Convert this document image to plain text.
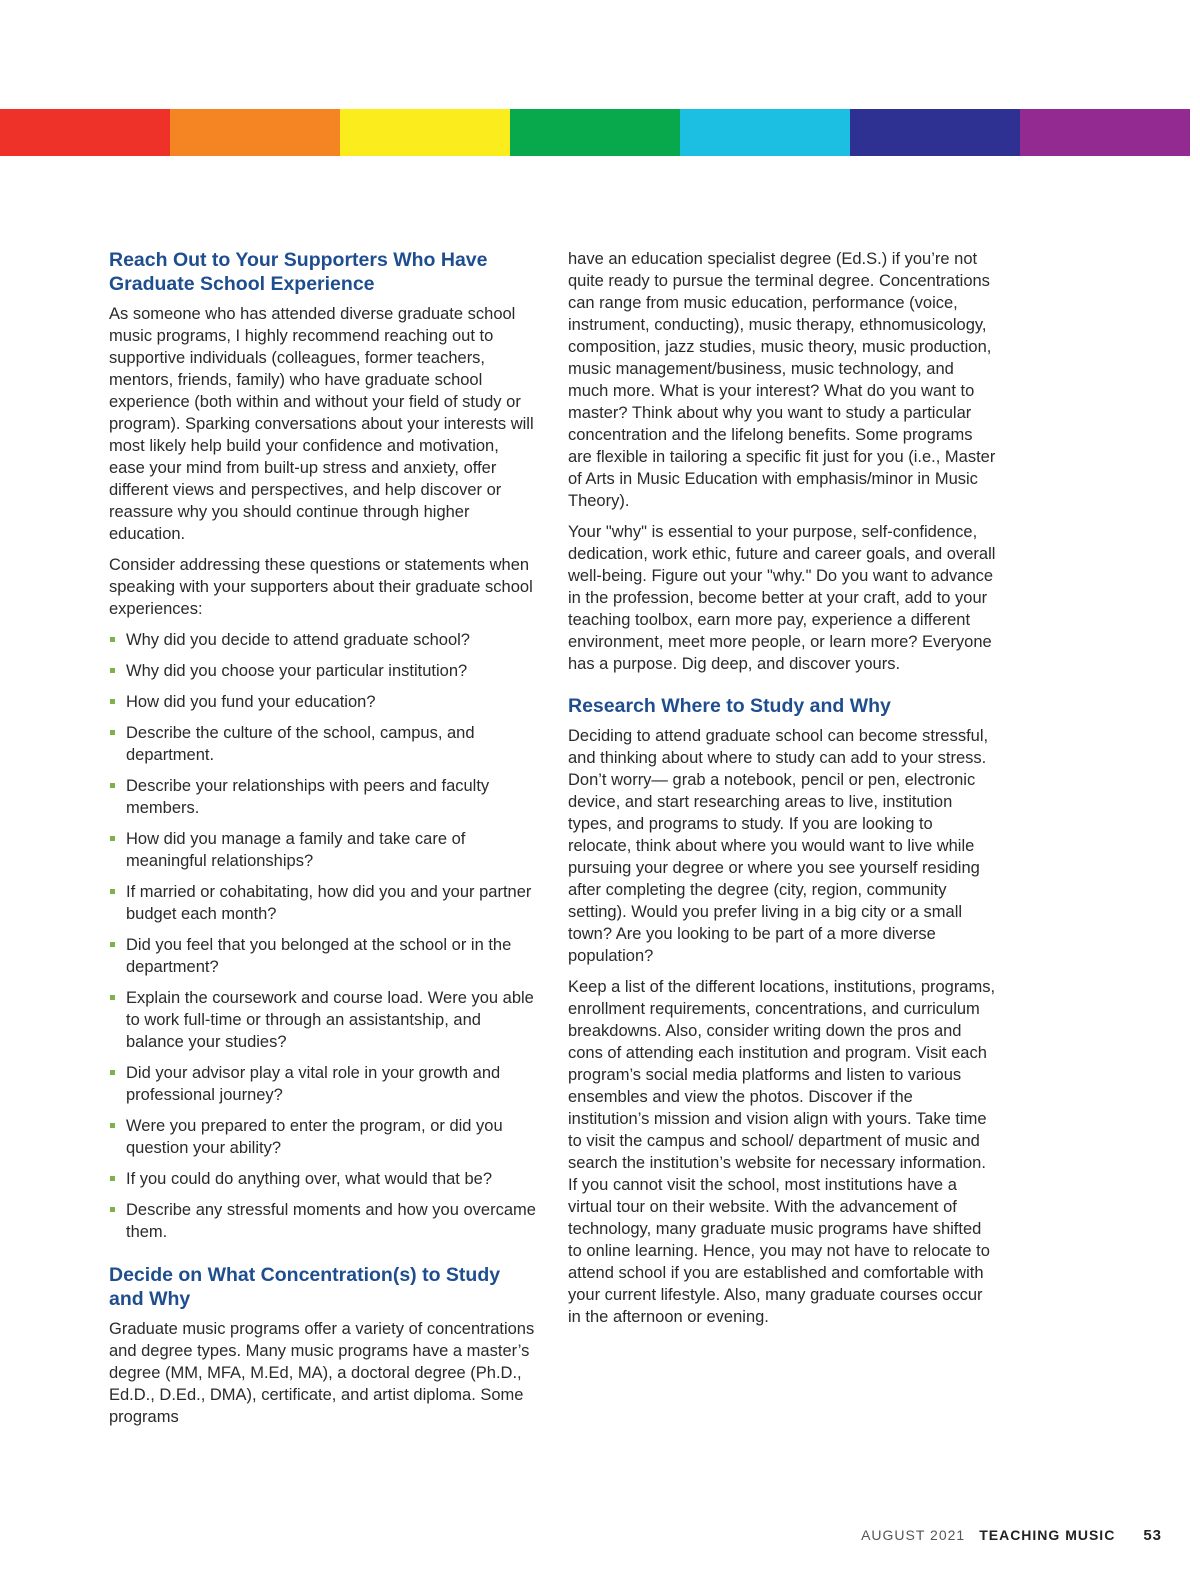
Reach Out to Your Supporters Who Have Graduate School Experience

As someone who has attended diverse graduate school music programs, I highly recommend reaching out to supportive individuals (colleagues, former teachers, mentors, friends, family) who have graduate school experience (both within and without your field of study or program). Sparking conversations about your interests will most likely help build your confidence and motivation, ease your mind from built-up stress and anxiety, offer different views and perspectives, and help discover or reassure why you should continue through higher education.

Consider addressing these questions or statements when speaking with your supporters about their graduate school experiences:

Why did you decide to attend graduate school?
Why did you choose your particular institution?
How did you fund your education?
Describe the culture of the school, campus, and department.
Describe your relationships with peers and faculty members.
How did you manage a family and take care of meaningful relationships?
If married or cohabitating, how did you and your partner budget each month?
Did you feel that you belonged at the school or in the department?
Explain the coursework and course load. Were you able to work full-time or through an assistantship, and balance your studies?
Did your advisor play a vital role in your growth and professional journey?
Were you prepared to enter the program, or did you question your ability?
If you could do anything over, what would that be?
Describe any stressful moments and how you overcame them.
Decide on What Concentration(s) to Study and Why

Graduate music programs offer a variety of concentrations and degree types. Many music programs have a master’s degree (MM, MFA, M.Ed, MA), a doctoral degree (Ph.D., Ed.D., D.Ed., DMA), certificate, and artist diploma. Some programs

have an education specialist degree (Ed.S.) if you’re not quite ready to pursue the terminal degree. Concentrations can range from music education, performance (voice, instrument, conducting), music therapy, ethnomusicology, composition, jazz studies, music theory, music production, music management/business, music technology, and much more. What is your interest? What do you want to master? Think about why you want to study a particular concentration and the lifelong benefits. Some programs are flexible in tailoring a specific fit just for you (i.e., Master of Arts in Music Education with emphasis/minor in Music Theory).

Your "why" is essential to your purpose, self-confidence, dedication, work ethic, future and career goals, and overall well-being. Figure out your "why." Do you want to advance in the profession, become better at your craft, add to your teaching toolbox, earn more pay, experience a different environment, meet more people, or learn more? Everyone has a purpose. Dig deep, and discover yours.

Research Where to Study and Why

Deciding to attend graduate school can become stressful, and thinking about where to study can add to your stress. Don’t worry— grab a notebook, pencil or pen, electronic device, and start researching areas to live, institution types, and programs to study. If you are looking to relocate, think about where you would want to live while pursuing your degree or where you see yourself residing after completing the degree (city, region, community setting). Would you prefer living in a big city or a small town? Are you looking to be part of a more diverse population?

Keep a list of the different locations, institutions, programs, enrollment requirements, concentrations, and curriculum breakdowns. Also, consider writing down the pros and cons of attending each institution and program. Visit each program’s social media platforms and listen to various ensembles and view the photos. Discover if the institution’s mission and vision align with yours. Take time to visit the campus and school/ department of music and search the institution’s website for necessary information. If you cannot visit the school, most institutions have a virtual tour on their website. With the advancement of technology, many graduate music programs have shifted to online learning. Hence, you may not have to relocate to attend school if you are established and comfortable with your current lifestyle. Also, many graduate courses occur in the afternoon or evening.

AUGUST 2021 TEACHING MUSIC 53
